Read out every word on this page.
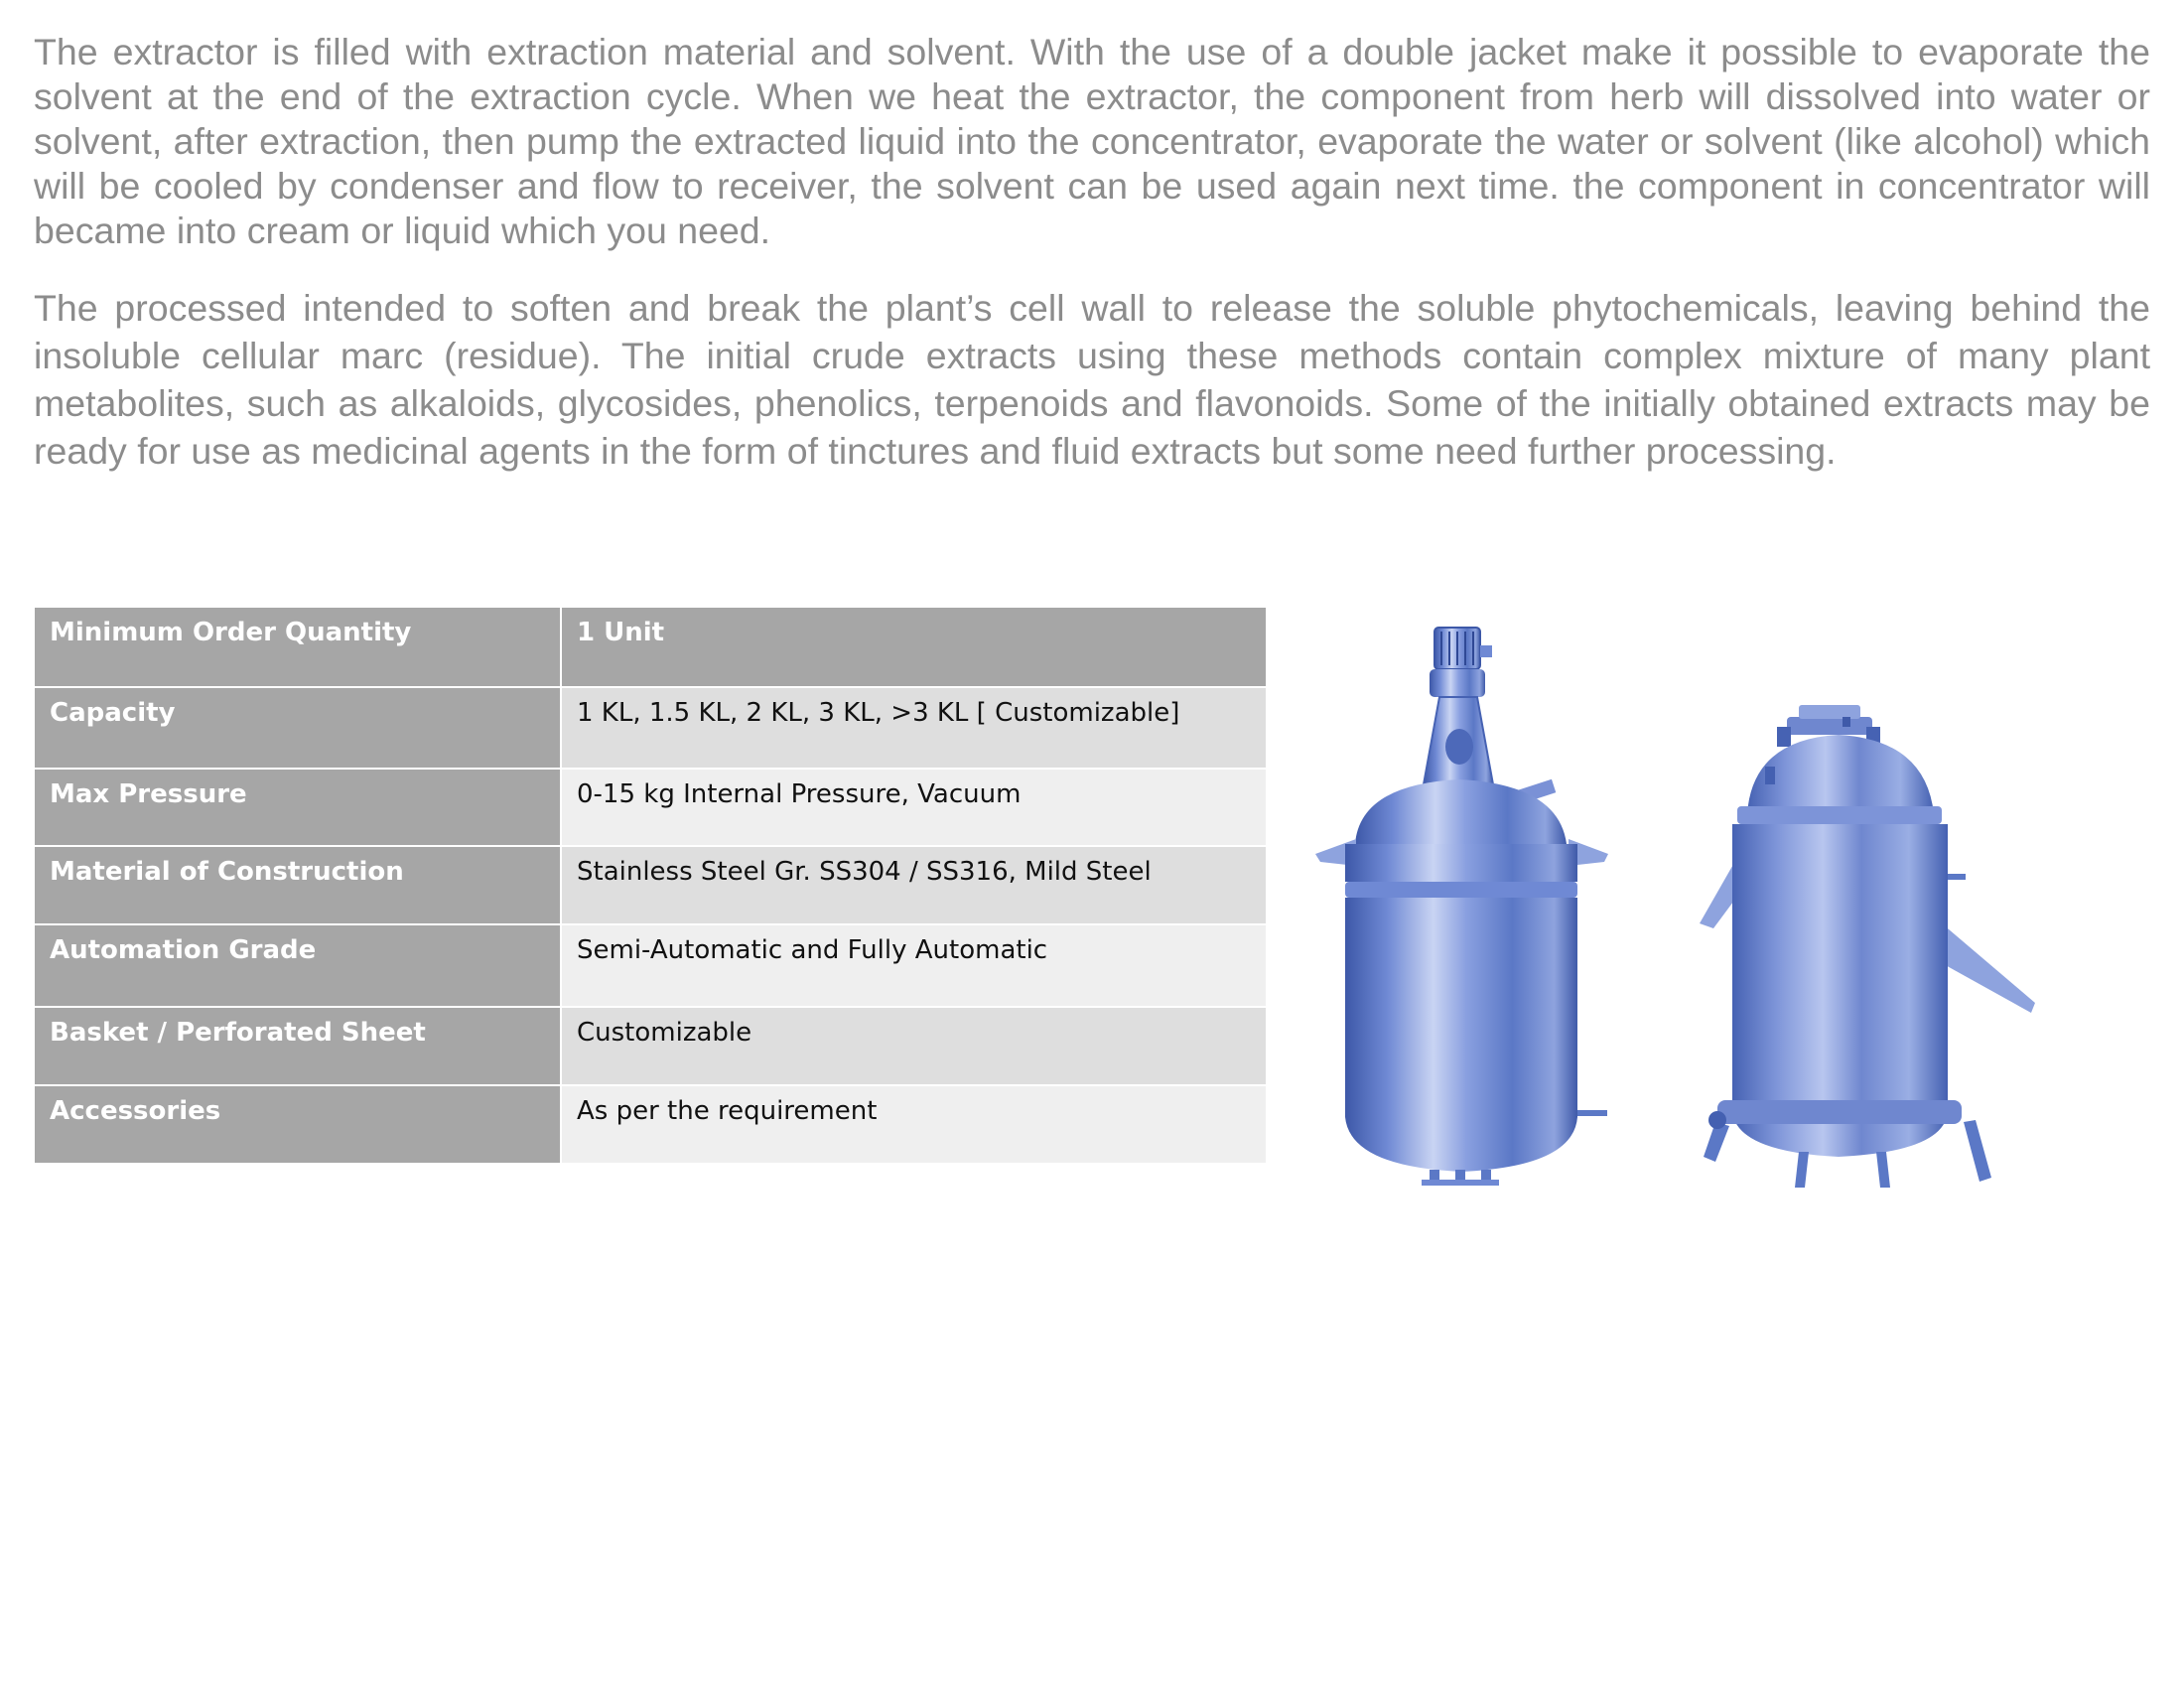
The extractor is filled with extraction material and solvent. With the use of a double jacket make it possible to evaporate the solvent at the end of the extraction cycle. When we heat the extractor, the component from herb will dissolved into water or solvent, after extraction, then pump the extracted liquid into the concentrator, evaporate the water or solvent (like alcohol) which will be cooled by condenser and flow to receiver, the solvent can be used again next time. the component in concentrator will became into cream or liquid which you need.

The processed intended to soften and break the plant’s cell wall to release the soluble phytochemicals, leaving behind the insoluble cellular marc (residue). The initial crude extracts using these methods contain complex mixture of many plant metabolites, such as alkaloids, glycosides, phenolics, terpenoids and flavonoids. Some of the initially obtained extracts may be ready for use as medicinal agents in the form of tinctures and fluid extracts but some need further processing.

Minimum Order Quantity	1 Unit
Capacity	1 KL, 1.5 KL, 2 KL, 3 KL, >3 KL [ Customizable]
Max Pressure	0-15 kg Internal Pressure, Vacuum
Material of Construction	Stainless Steel Gr. SS304 / SS316, Mild Steel
Automation Grade	Semi-Automatic and Fully Automatic
Basket / Perforated Sheet	Customizable
Accessories	As per the requirement
